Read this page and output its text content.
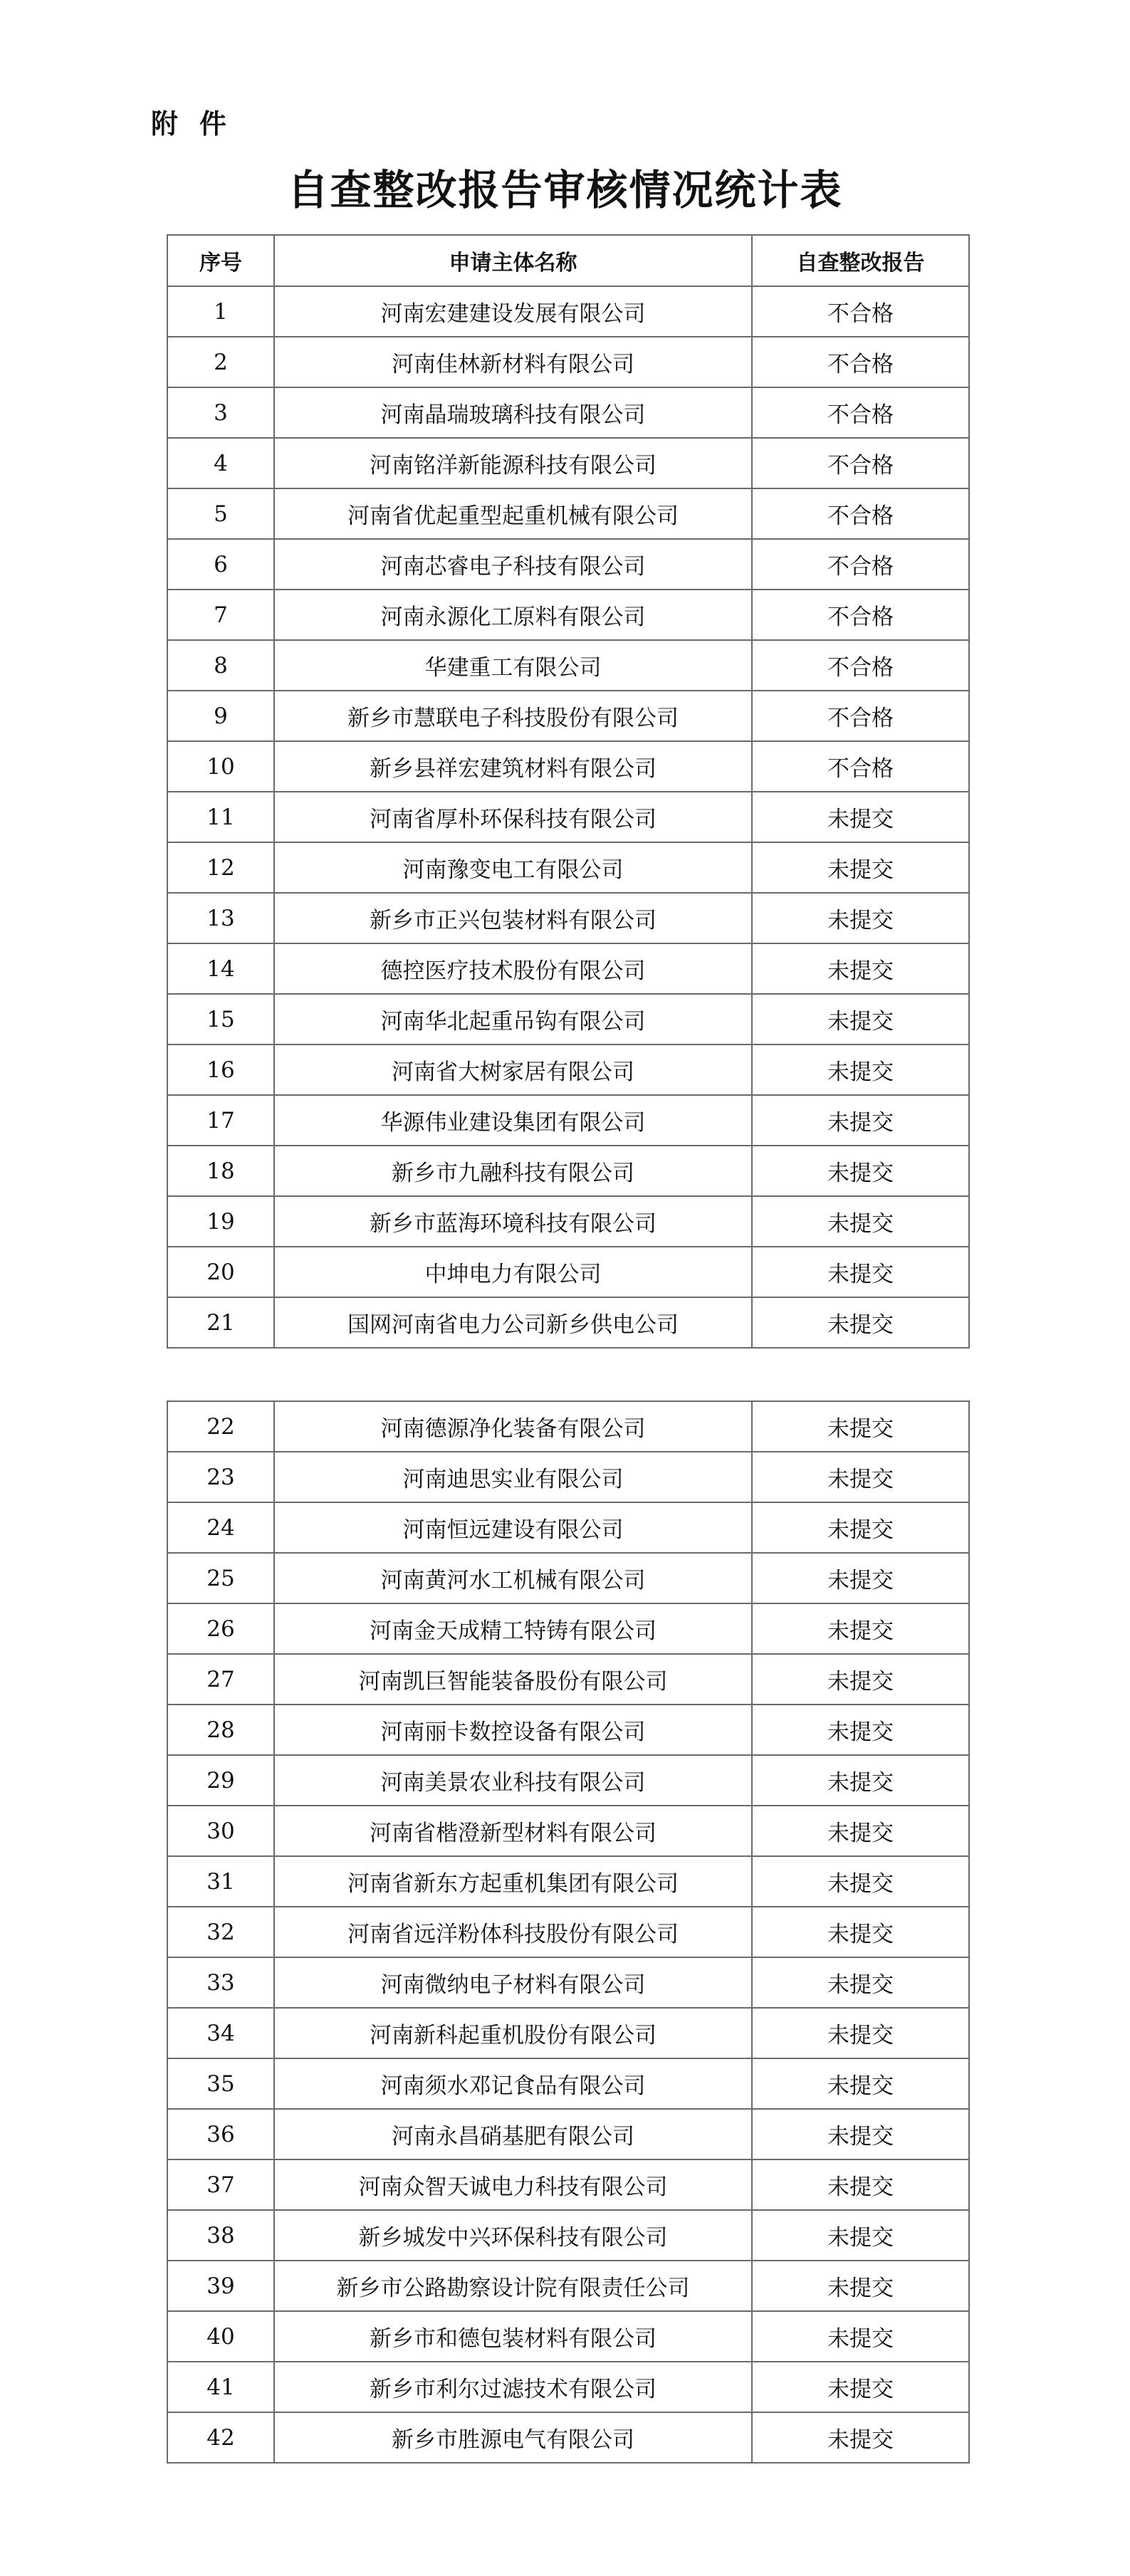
附件
自查整改报告审核情况统计表
序号	申请主体名称	自查整改报告
1	河南宏建建设发展有限公司	不合格
2	河南佳林新材料有限公司	不合格
3	河南晶瑞玻璃科技有限公司	不合格
4	河南铭洋新能源科技有限公司	不合格
5	河南省优起重型起重机械有限公司	不合格
6	河南芯睿电子科技有限公司	不合格
7	河南永源化工原料有限公司	不合格
8	华建重工有限公司	不合格
9	新乡市慧联电子科技股份有限公司	不合格
10	新乡县祥宏建筑材料有限公司	不合格
11	河南省厚朴环保科技有限公司	未提交
12	河南豫变电工有限公司	未提交
13	新乡市正兴包装材料有限公司	未提交
14	德控医疗技术股份有限公司	未提交
15	河南华北起重吊钩有限公司	未提交
16	河南省大树家居有限公司	未提交
17	华源伟业建设集团有限公司	未提交
18	新乡市九融科技有限公司	未提交
19	新乡市蓝海环境科技有限公司	未提交
20	中坤电力有限公司	未提交
21	国网河南省电力公司新乡供电公司	未提交
22	河南德源净化装备有限公司	未提交
23	河南迪思实业有限公司	未提交
24	河南恒远建设有限公司	未提交
25	河南黄河水工机械有限公司	未提交
26	河南金天成精工特铸有限公司	未提交
27	河南凯巨智能装备股份有限公司	未提交
28	河南丽卡数控设备有限公司	未提交
29	河南美景农业科技有限公司	未提交
30	河南省楷澄新型材料有限公司	未提交
31	河南省新东方起重机集团有限公司	未提交
32	河南省远洋粉体科技股份有限公司	未提交
33	河南微纳电子材料有限公司	未提交
34	河南新科起重机股份有限公司	未提交
35	河南须水邓记食品有限公司	未提交
36	河南永昌硝基肥有限公司	未提交
37	河南众智天诚电力科技有限公司	未提交
38	新乡城发中兴环保科技有限公司	未提交
39	新乡市公路勘察设计院有限责任公司	未提交
40	新乡市和德包装材料有限公司	未提交
41	新乡市利尔过滤技术有限公司	未提交
42	新乡市胜源电气有限公司	未提交
